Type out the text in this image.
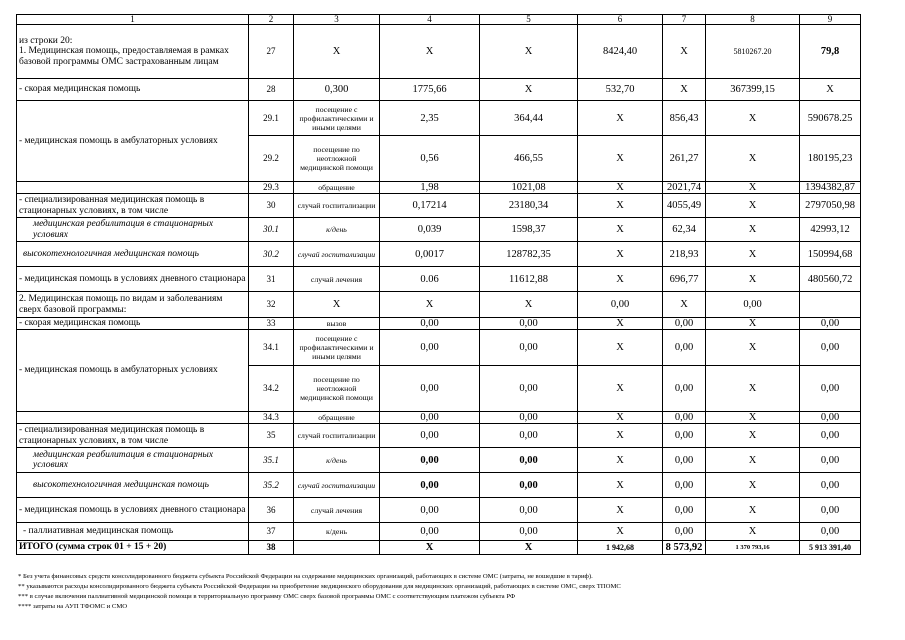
1	2	3	4	5	6	7	8	9	
из строки 20:
1. Медицинская помощь, предоставляемая в рамках базовой программы ОМС застрахованным лицам	27	X	X	X	8424,40	X	5810267.20	79,8	
- скорая медицинская помощь	28	0,300	1775,66	X	532,70	X	367399,15	X	
- медицинская помощь в амбулаторных условиях	29.1	посещение с профилактическими и иными целями	2,35	364,44	X	856,43	X	590678.25	
	29.2	посещение по неотложной медицинской помощи	0,56	466,55	X	261,27	X	180195,23	
	29.3	обращение	1,98	1021,08	X	2021,74	X	1394382,87	
- специализированная медицинская помощь в стационарных условиях, в том числе	30	случай госпитализации	0,17214	23180,34	X	4055,49	X	2797050,98	
медицинская реабилитация в стационарных условиях	30.1	к/день	0,039	1598,37	X	62,34	X	42993,12	
высокотехнологичная медицинская помощь	30.2	случай госпитализации	0,0017	128782,35	X	218,93	X	150994,68	
- медицинская помощь в условиях дневного стационара	31	случай лечения	0.06	11612,88	X	696,77	X	480560,72	
2. Медицинская помощь по видам и заболеваниям сверх базовой программы:	32	X	X	X	0,00	X	0,00		
- скорая медицинская помощь	33	вызов	0,00	0,00	X	0,00	X	0,00	
- медицинская помощь в амбулаторных условиях	34.1	посещение с профилактическими и иными целями	0,00	0,00	X	0,00	X	0,00	
	34.2	посещение по неотложной медицинской помощи	0,00	0,00	X	0,00	X	0,00	
	34.3	обращение	0,00	0,00	X	0,00	X	0,00	
- специализированная медицинская помощь в стационарных условиях, в том числе	35	случай госпитализации	0,00	0,00	X	0,00	X	0,00	
медицинская реабилитация в стационарных условиях	35.1	к/день	0,00	0,00	X	0,00	X	0,00	
высокотехнологичная медицинская помощь	35.2	случай госпитализации	0,00	0,00	X	0,00	X	0,00	
- медицинская помощь в условиях дневного стационара	36	случай лечения	0,00	0,00	X	0,00	X	0,00	
- паллиативная медицинская помощь	37	к/день	0,00	0,00	X	0,00	X	0,00	
ИТОГО (сумма строк 01 + 15 + 20)	38		X	X	1 942,68	8 573,92	1 370 793,16	5 913 391,40	
* Без учета финансовых средств консолидированного бюджета субъекта Российской Федерации на содержание медицинских организаций, работающих в системе ОМС (затраты, не вошедшие в тариф).
** указываются расходы консолидированного бюджета субъекта Российской Федерации на приобретение медицинского оборудования для медицинских организаций, работающих в системе ОМС, сверх ТПОМС
*** в случае включения паллиативной медицинской помощи в территориальную программу ОМС сверх базовой программы ОМС с соответствующим платежом субъекта РФ
**** затраты на АУП ТФОМС и СМО
